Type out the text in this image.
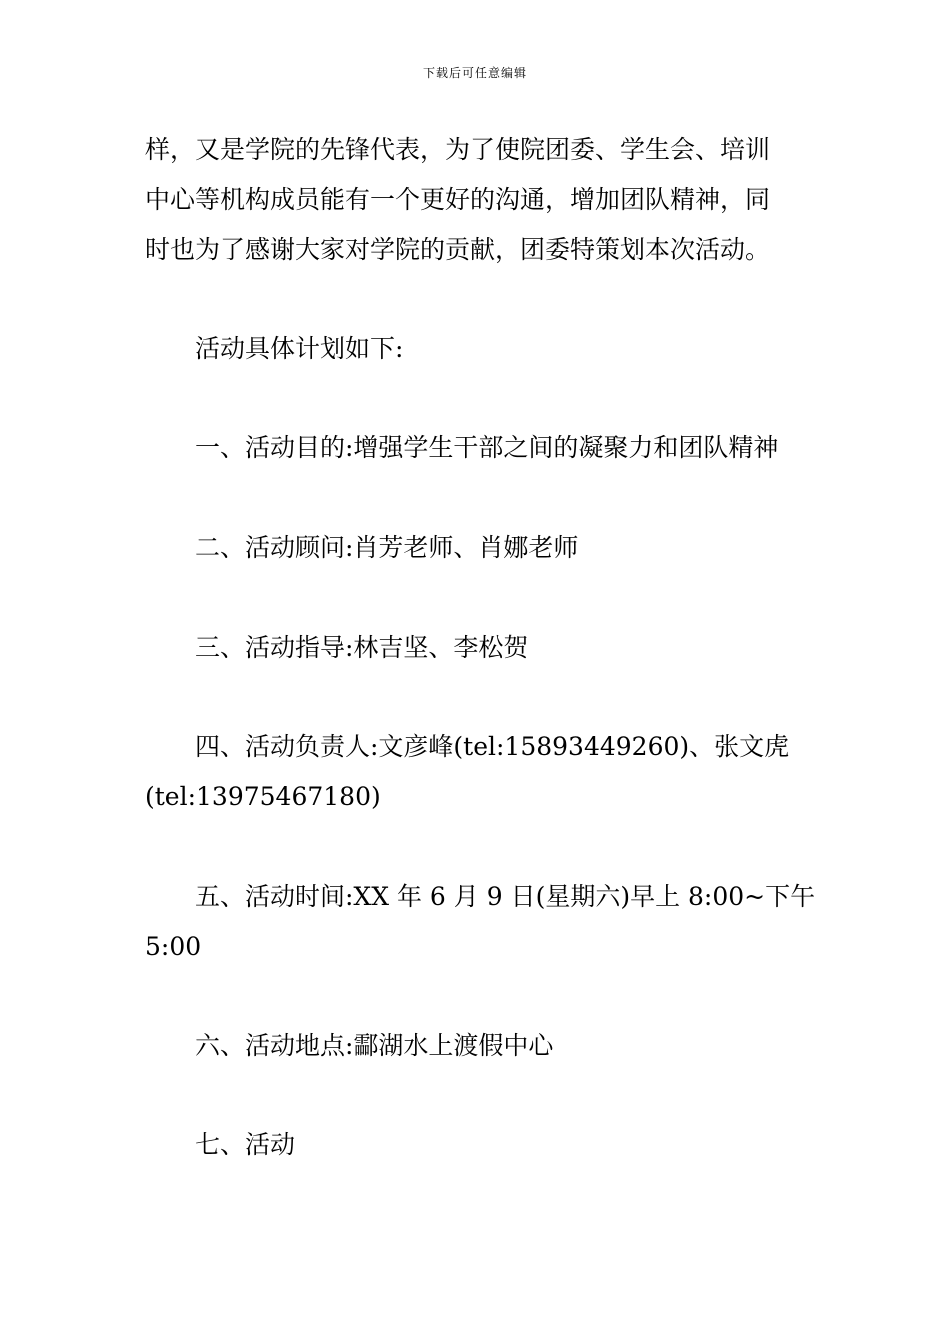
下载后可任意编辑
样，又是学院的先锋代表，为了使院团委、学生会、培训
中心等机构成员能有一个更好的沟通，增加团队精神，同
时也为了感谢大家对学院的贡献，团委特策划本次活动。
活动具体计划如下:
一、活动目的:增强学生干部之间的凝聚力和团队精神
二、活动顾问:肖芳老师、肖娜老师
三、活动指导:林吉坚、李松贺
四、活动负责人:文彦峰(tel:15893449260)、张文虎
(tel:13975467180)
五、活动时间:XX 年 6 月 9 日(星期六)早上 8:00~下午
5:00
六、活动地点:酃湖水上渡假中心
七、活动
